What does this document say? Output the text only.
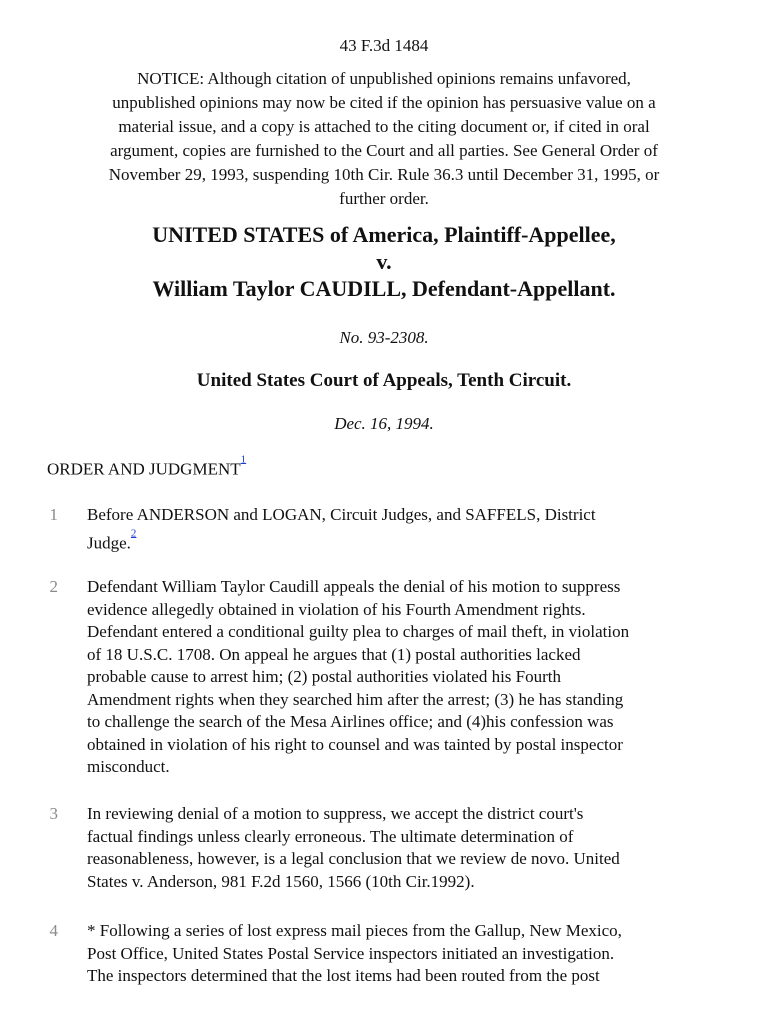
43 F.3d 1484
NOTICE: Although citation of unpublished opinions remains unfavored,
unpublished opinions may now be cited if the opinion has persuasive value on a
material issue, and a copy is attached to the citing document or, if cited in oral
argument, copies are furnished to the Court and all parties. See General Order of
November 29, 1993, suspending 10th Cir. Rule 36.3 until December 31, 1995, or
further order.
UNITED STATES of America, Plaintiff-Appellee,
v.
William Taylor CAUDILL, Defendant-Appellant.
No. 93-2308.
United States Court of Appeals, Tenth Circuit.
Dec. 16, 1994.
ORDER AND JUDGMENT$^{^1}$
1 Before ANDERSON and LOGAN, Circuit Judges, and SAFFELS, District
Judge.$^{^2}$
2 Defendant William Taylor Caudill appeals the denial of his motion to suppress
evidence allegedly obtained in violation of his Fourth Amendment rights.
Defendant entered a conditional guilty plea to charges of mail theft, in violation
of 18 U.S.C. 1708. On appeal he argues that (1) postal authorities lacked
probable cause to arrest him; (2) postal authorities violated his Fourth
Amendment rights when they searched him after the arrest; (3) he has standing
to challenge the search of the Mesa Airlines office; and (4)his confession was
obtained in violation of his right to counsel and was tainted by postal inspector
misconduct.
3 In reviewing denial of a motion to suppress, we accept the district court's
factual findings unless clearly erroneous. The ultimate determination of
reasonableness, however, is a legal conclusion that we review de novo. United
States v. Anderson, 981 F.2d 1560, 1566 (10th Cir.1992).
4 * Following a series of lost express mail pieces from the Gallup, New Mexico,
Post Office, United States Postal Service inspectors initiated an investigation.
The inspectors determined that the lost items had been routed from the post
